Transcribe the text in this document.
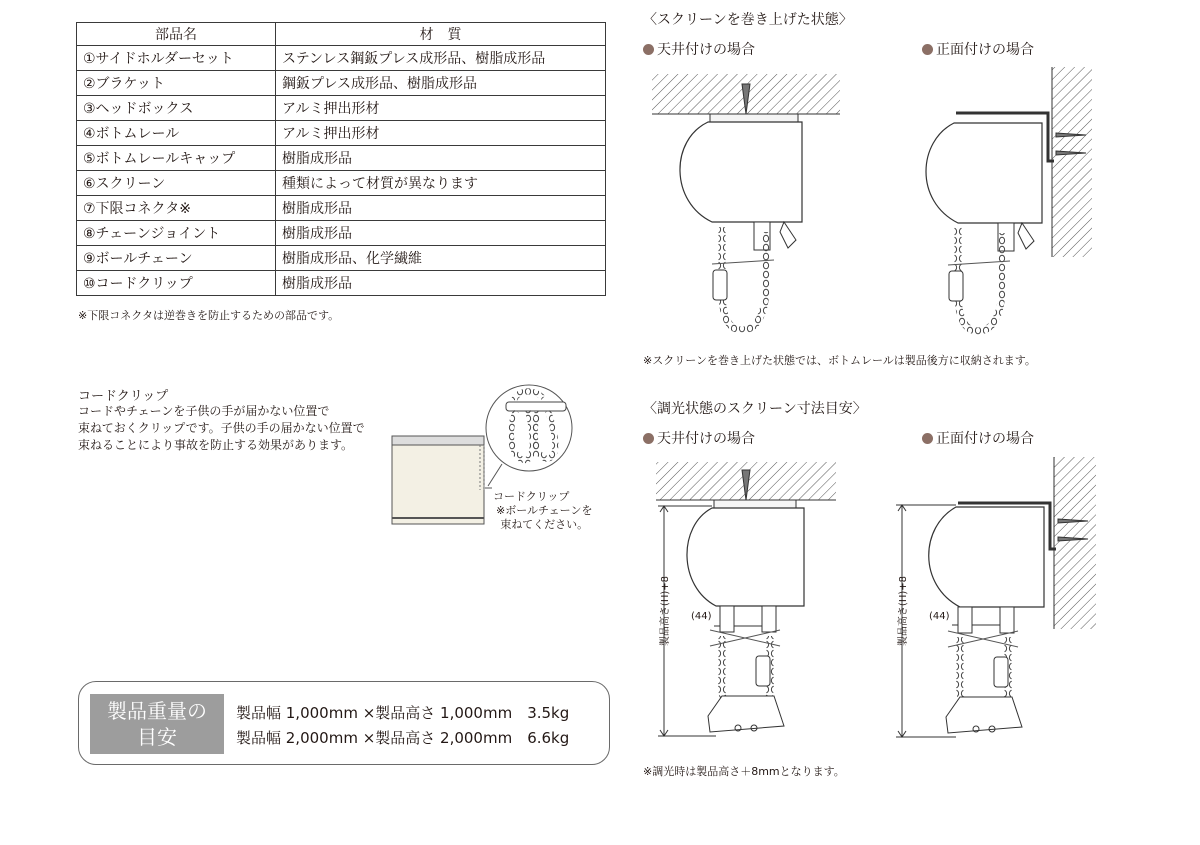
部品名	材　質
①サイドホルダーセット	ステンレス鋼鈑プレス成形品、樹脂成形品
②ブラケット	鋼鈑プレス成形品、樹脂成形品
③ヘッドボックス	アルミ押出形材
④ボトムレール	アルミ押出形材
⑤ボトムレールキャップ	樹脂成形品
⑥スクリーン	種類によって材質が異なります
⑦下限コネクタ※	樹脂成形品
⑧チェーンジョイント	樹脂成形品
⑨ボールチェーン	樹脂成形品、化学繊維
⑩コードクリップ	樹脂成形品
※下限コネクタは逆巻きを防止するための部品です。
コードクリップ
コードやチェーンを子供の手が届かない位置で
束ねておくクリップです。子供の手の届かない位置で
束ねることにより事故を防止する効果があります。
コードクリップ
※ボールチェーンを
束ねてください。
製品重量の
目安
製品幅 1,000mm ×製品高さ 1,000mm　3.5kg
製品幅 2,000mm ×製品高さ 2,000mm　6.6kg
〈スクリーンを巻き上げた状態〉
天井付けの場合	正面付けの場合
※スクリーンを巻き上げた状態では、ボトムレールは製品後方に収納されます。
〈調光状態のスクリーン寸法目安〉
天井付けの場合	正面付けの場合
製品高さ(H)+8 (44)	製品高さ(H)+8 (44)
※調光時は製品高さ＋8mmとなります。
